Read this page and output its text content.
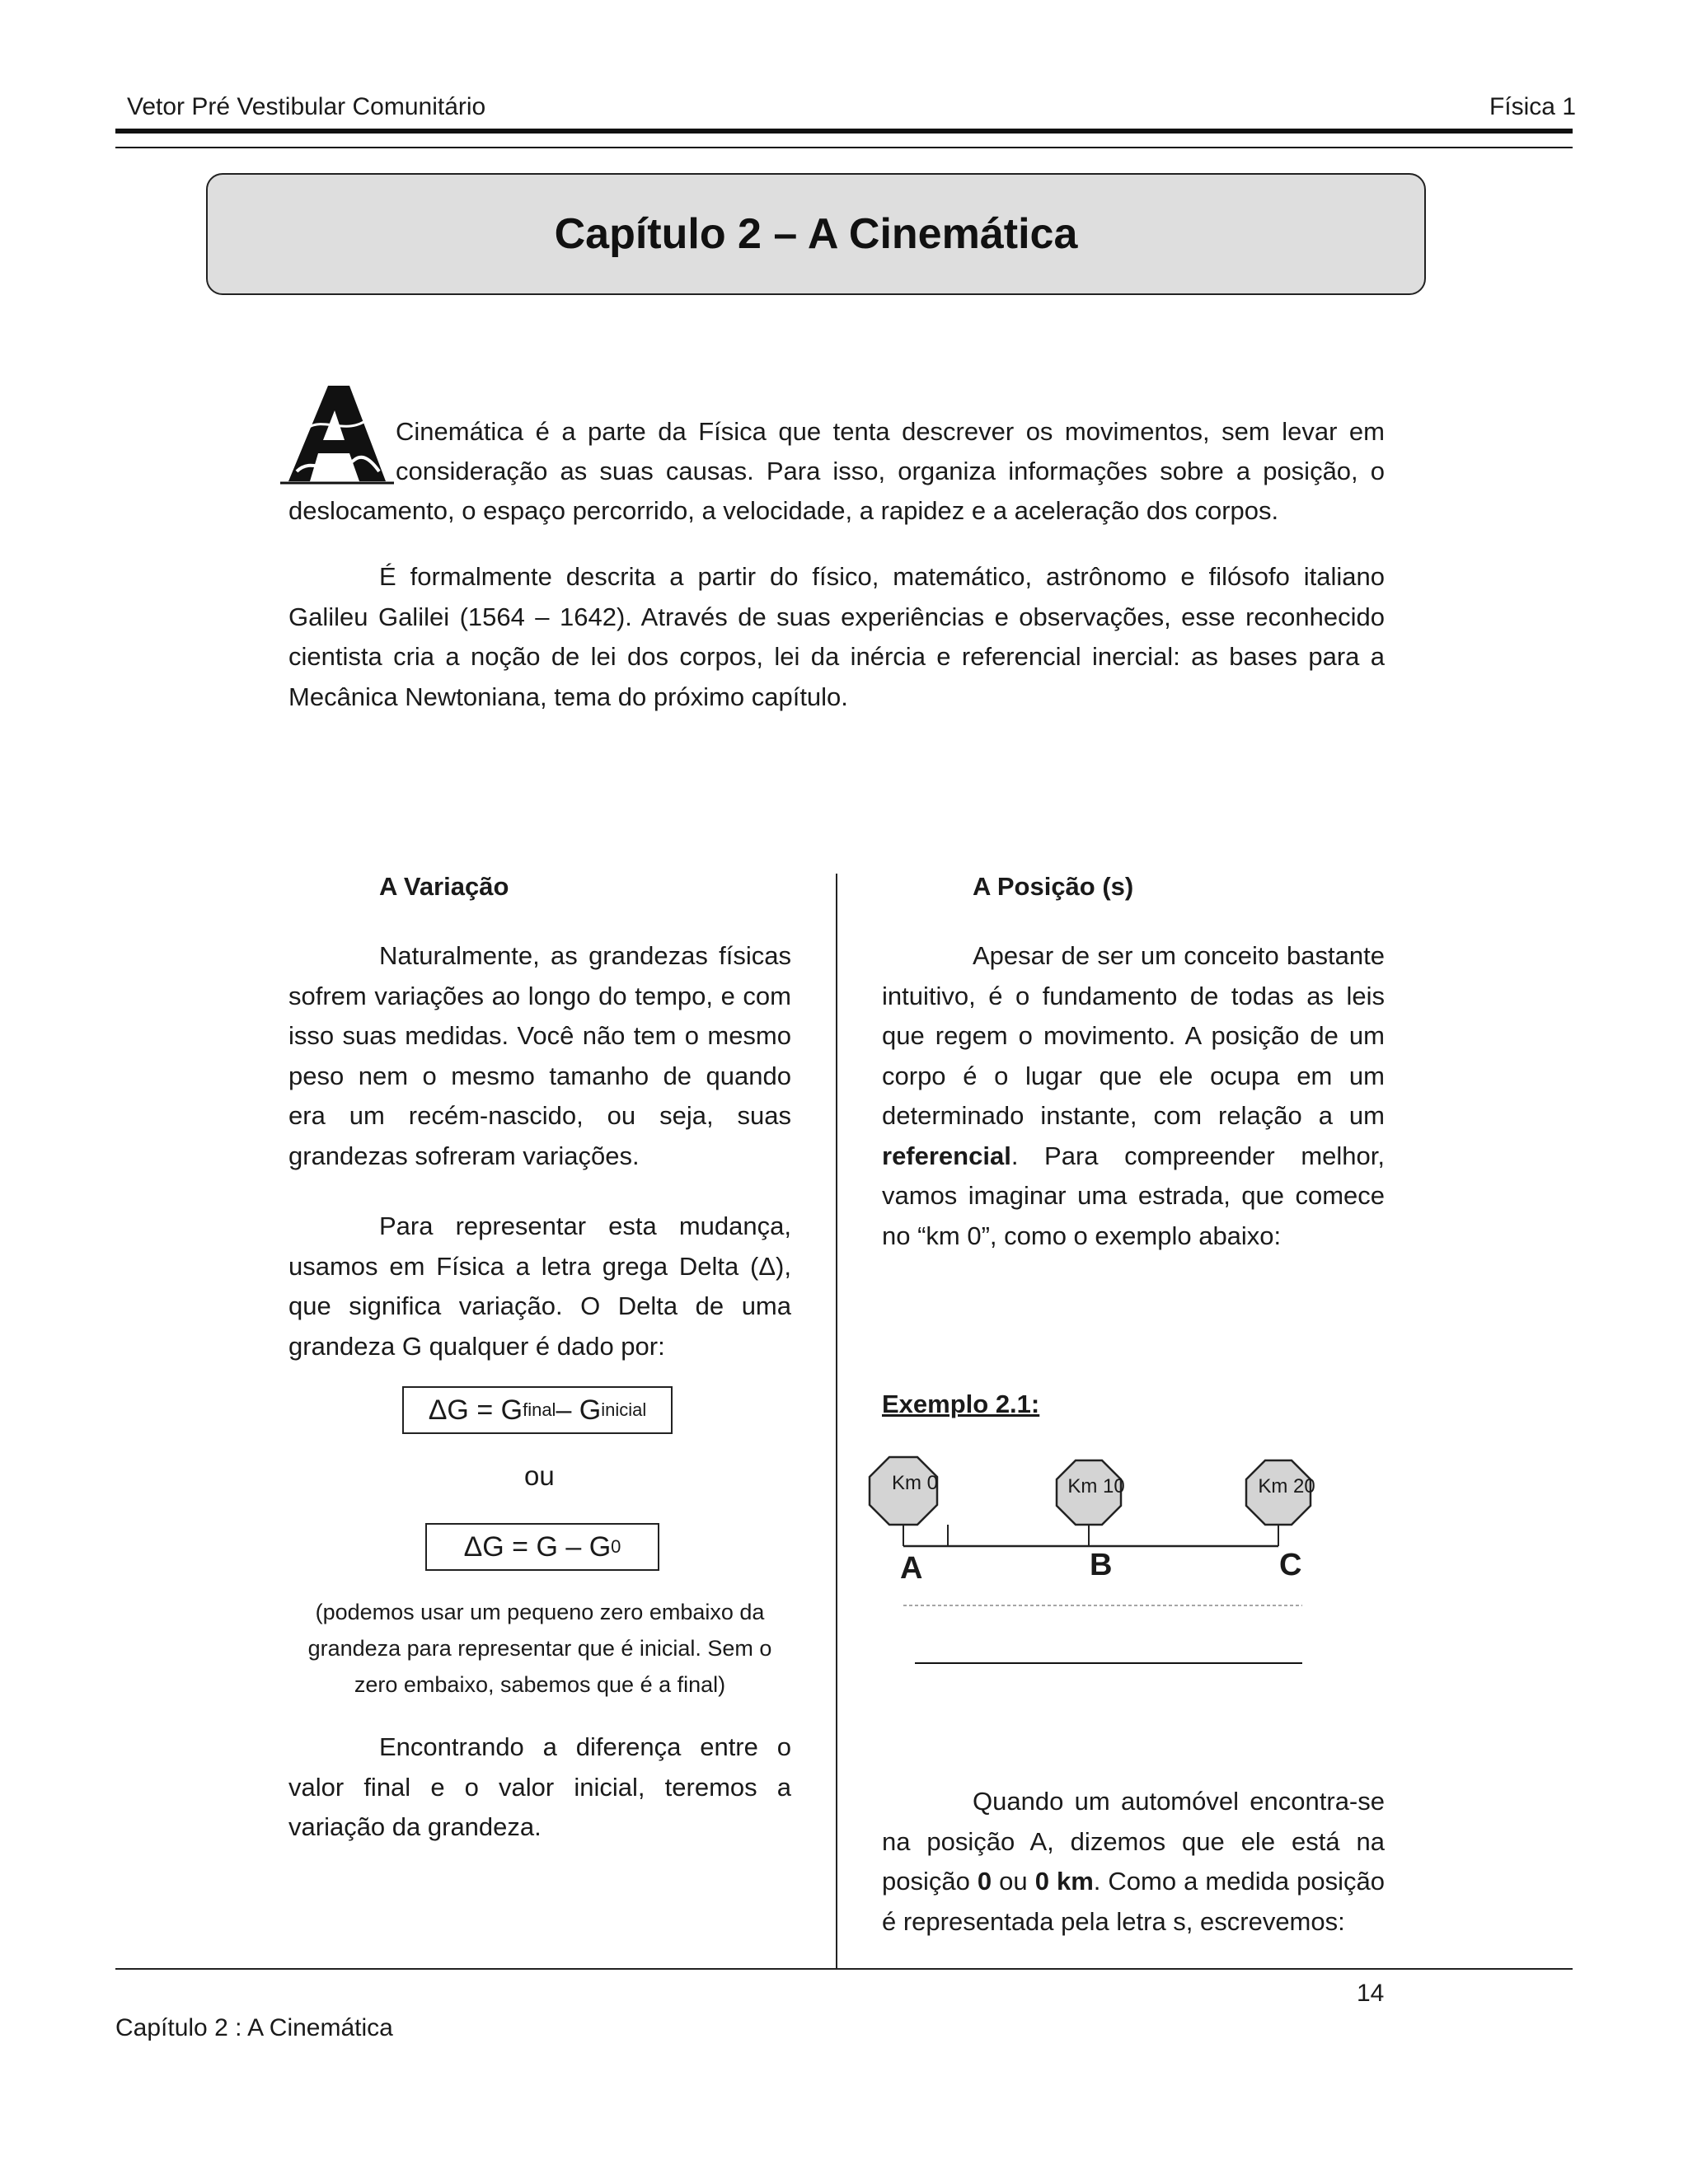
Vetor Pré Vestibular Comunitário	Física 1
Capítulo 2 – A Cinemática
Cinemática é a parte da Física que tenta descrever os movimentos, sem levar em
consideração as suas causas. Para isso, organiza informações sobre a posição, o
deslocamento, o espaço percorrido, a velocidade, a rapidez e a aceleração dos corpos.
É formalmente descrita a partir do físico, matemático, astrônomo e filósofo italiano Galileu Galilei (1564 – 1642). Através de suas experiências e observações, esse reconhecido cientista cria a noção de lei dos corpos, lei da inércia e referencial inercial: as bases para a Mecânica Newtoniana, tema do próximo capítulo.
A Variação
Naturalmente, as grandezas físicas sofrem variações ao longo do tempo, e com isso suas medidas. Você não tem o mesmo peso nem o mesmo tamanho de quando era um recém-nascido, ou seja, suas grandezas sofreram variações.
Para representar esta mudança, usamos em Física a letra grega Delta (Δ), que significa variação. O Delta de uma grandeza G qualquer é dado por:
ΔG = G final – G inicial
ou
ΔG = G – G 0
(podemos usar um pequeno zero embaixo da grandeza para representar que é inicial. Sem o zero embaixo, sabemos que é a final)
Encontrando a diferença entre o valor final e o valor inicial, teremos a variação da grandeza.
A Posição (s)
Apesar de ser um conceito bastante intuitivo, é o fundamento de todas as leis que regem o movimento. A posição de um corpo é o lugar que ele ocupa em um determinado instante, com relação a um referencial. Para compreender melhor, vamos imaginar uma estrada, que comece no “km 0”, como o exemplo abaixo:
Exemplo 2.1:
Km 0	Km 10	Km 20
A	B	C
Quando um automóvel encontra-se na posição A, dizemos que ele está na posição 0 ou 0 km. Como a medida posição é representada pela letra s, escrevemos:
14
Capítulo 2 : A Cinemática
